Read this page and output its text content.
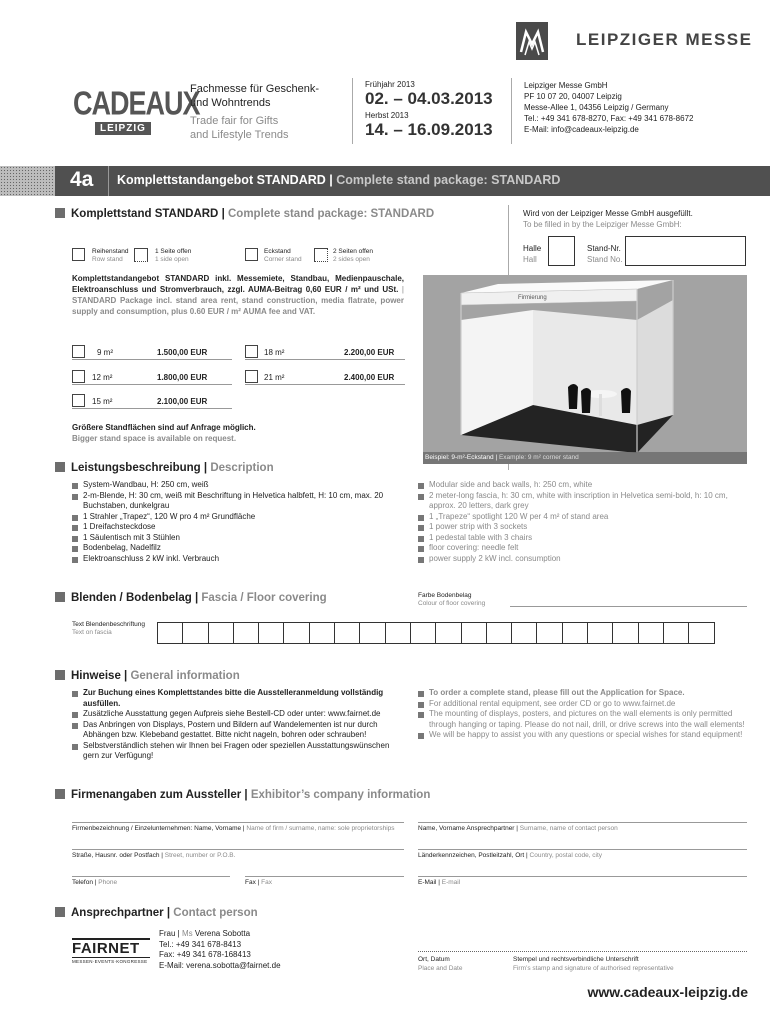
LEIPZIGER MESSE
CADEAUX
LEIPZIG
Fachmesse für Geschenk-
und Wohntrends
Trade fair for Gifts
and Lifestyle Trends
Frühjahr 2013
02. – 04.03.2013
Herbst 2013
14. – 16.09.2013
Leipziger Messe GmbH
PF 10 07 20, 04007 Leipzig
Messe-Allee 1, 04356 Leipzig / Germany
Tel.: +49 341 678-8270, Fax: +49 341 678-8672
E-Mail: info@cadeaux-leipzig.de
4a Komplettstandangebot STANDARD | Complete stand package: STANDARD
Komplettstand STANDARD | Complete stand package: STANDARD	Wird von der Leipziger Messe GmbH ausgefüllt.
To be filled in by the Leipziger Messe GmbH:
Reihenstand
Row stand
1 Seite offen
1 side open
Eckstand
Corner stand
2 Seiten offen
2 sides open
Halle
Hall
Stand-Nr.
Stand No.
Komplettstandangebot STANDARD inkl. Messemiete, Standbau, Medienpauschale, Elektroanschluss und Stromverbrauch, zzgl. AUMA-Beitrag 0,60 EUR / m² und USt. | STANDARD Package incl. stand area rent, stand construction, media flatrate, power supply and consumption, plus 0.60 EUR / m² AUMA fee and VAT.
9 m²	1.500,00 EUR	18 m²	2.200,00 EUR
12 m²	1.800,00 EUR	21 m²	2.400,00 EUR
15 m²	2.100,00 EUR
Größere Standflächen sind auf Anfrage möglich.
Bigger stand space is available on request.
Firmierung
Beispiel: 9-m²-Eckstand | Example: 9 m² corner stand
Leistungsbeschreibung | Description
System-Wandbau, H: 250 cm, weiß
2-m-Blende, H: 30 cm, weiß mit Beschriftung in Helvetica halbfett, H: 10 cm, max. 20 Buchstaben, dunkelgrau
1 Strahler „Trapez“, 120 W pro 4 m² Grundfläche
1 Dreifachsteckdose
1 Säulentisch mit 3 Stühlen
Bodenbelag, Nadelfilz
Elektroanschluss 2 kW inkl. Verbrauch
Modular side and back walls, h: 250 cm, white
2 meter-long fascia, h: 30 cm, white with inscription in Helvetica semi-bold, h: 10 cm, approx. 20 letters, dark grey
1 „Trapeze“ spotlight 120 W per 4 m² of stand area
1 power strip with 3 sockets
1 pedestal table with 3 chairs
floor covering: needle felt
power supply 2 kW incl. consumption
Blenden / Bodenbelag | Fascia / Floor covering	Farbe Bodenbelag
Colour of floor covering
Text Blendenbeschriftung
Text on fascia
Hinweise | General information
Zur Buchung eines Komplettstandes bitte die Ausstelleranmeldung vollständig ausfüllen.
Zusätzliche Ausstattung gegen Aufpreis siehe Bestell-CD oder unter: www.fairnet.de
Das Anbringen von Displays, Postern und Bildern auf Wandelementen ist nur durch Abhängen bzw. Klebeband gestattet. Bitte nicht nageln, bohren oder schrauben!
Selbstverständlich stehen wir Ihnen bei Fragen oder speziellen Ausstattungswünschen gern zur Verfügung!
To order a complete stand, please fill out the Application for Space.
For additional rental equipment, see order CD or go to www.fairnet.de
The mounting of displays, posters, and pictures on the wall elements is only permitted through hanging or taping. Please do not nail, drill, or drive screws into the wall elements!
We will be happy to assist you with any questions or special wishes for stand equipment!
Firmenangaben zum Aussteller | Exhibitor’s company information
Firmenbezeichnung / Einzelunternehmen: Name, Vorname | Name of firm / surname, name: sole proprietorships	Name, Vorname Ansprechpartner | Surname, name of contact person
Straße, Hausnr. oder Postfach | Street, number or P.O.B.	Länderkennzeichen, Postleitzahl, Ort | Country, postal code, city
Telefon | Phone	Fax | Fax	E-Mail | E-mail
Ansprechpartner | Contact person
FAIRNET
MESSEN·EVENTS·KONGRESSE
Frau | Ms Verena Sobotta
Tel.: +49 341 678-8413
Fax: +49 341 678-168413
E-Mail: verena.sobotta@fairnet.de
Ort, Datum
Place and Date
Stempel und rechtsverbindliche Unterschrift
Firm’s stamp and signature of authorised representative
www.cadeaux-leipzig.de
